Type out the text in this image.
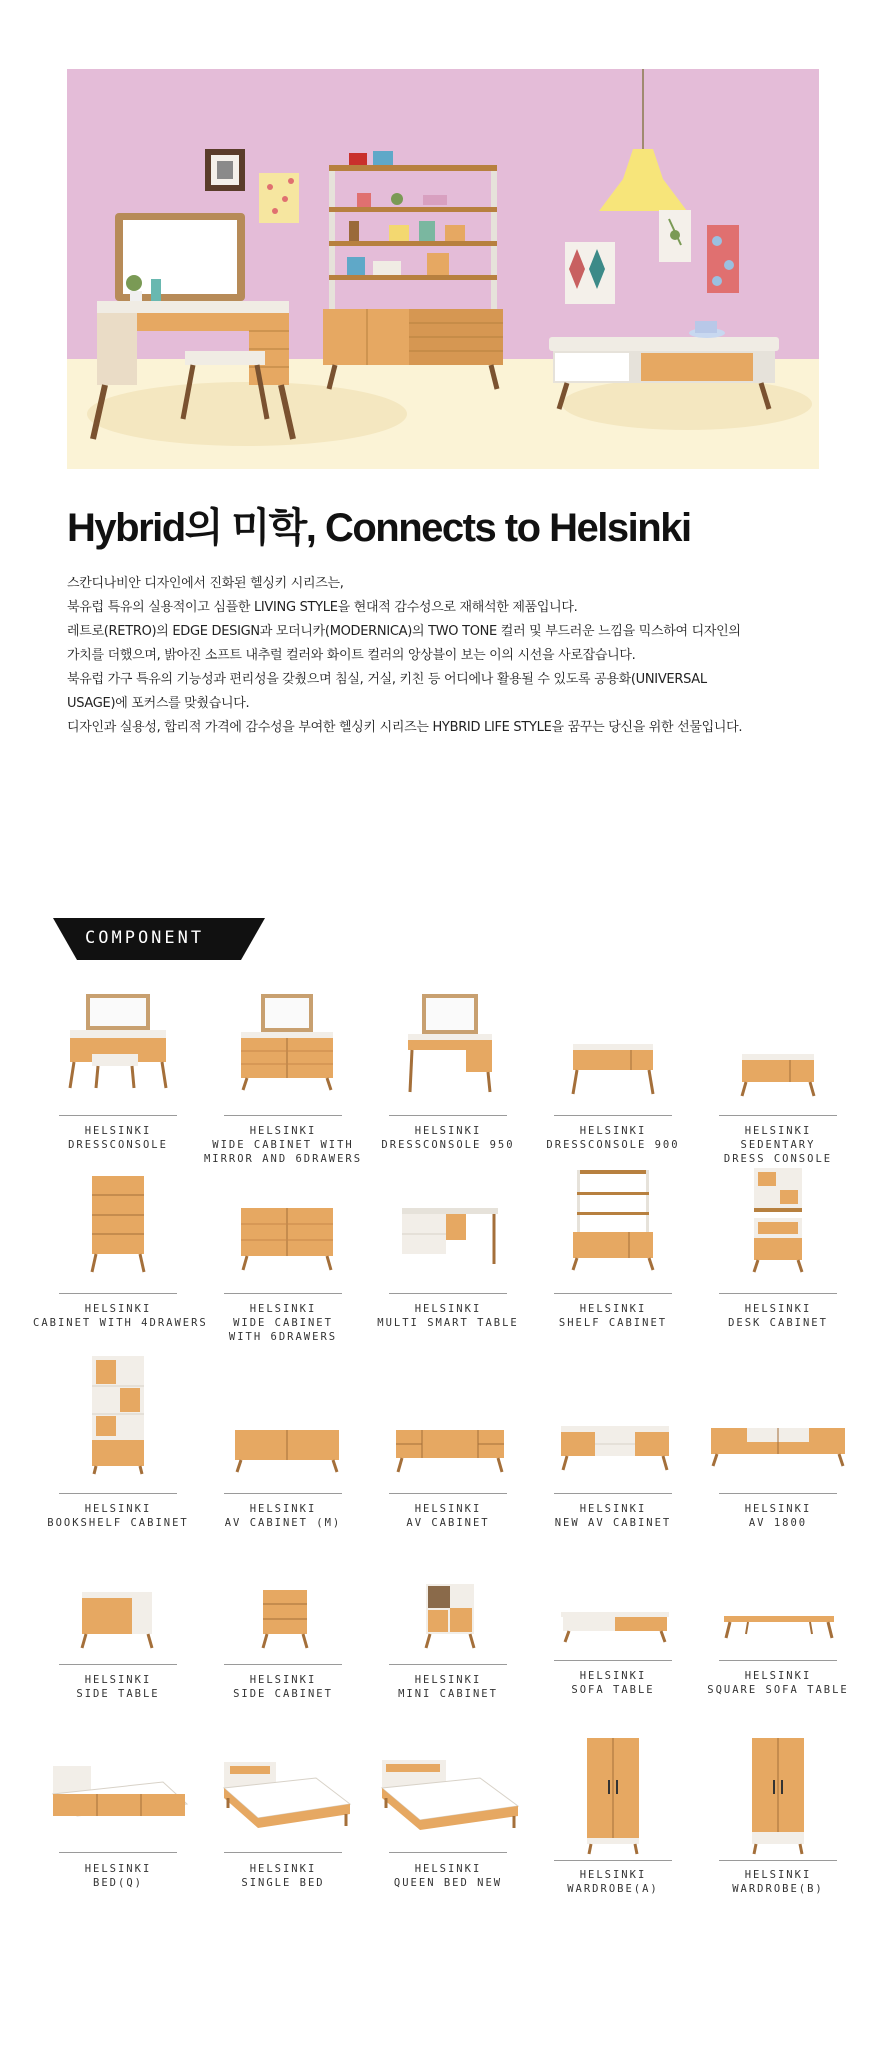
Hybrid의 미학, Connects to Helsinki

스칸디나비안 디자인에서 진화된 헬싱키 시리즈는,

북유럽 특유의 실용적이고 심플한 LIVING STYLE을 현대적 감수성으로 재해석한 제품입니다.

레트로(RETRO)의 EDGE DESIGN과 모더니카(MODERNICA)의 TWO TONE 컬러 및 부드러운 느낌을 믹스하여 디자인의

가치를 더했으며, 밝아진 소프트 내추럴 컬러와 화이트 컬러의 앙상블이 보는 이의 시선을 사로잡습니다.

북유럽 가구 특유의 기능성과 편리성을 갖췄으며 침실, 거실, 키친 등 어디에나 활용될 수 있도록 공용화(UNIVERSAL

USAGE)에 포커스를 맞췄습니다.

디자인과 실용성, 합리적 가격에 감수성을 부여한 헬싱키 시리즈는 HYBRID LIFE STYLE을 꿈꾸는 당신을 위한 선물입니다.

COMPONENT
HELSINKI
DRESSCONSOLE
HELSINKI
WIDE CABINET WITH
MIRROR AND 6DRAWERS
HELSINKI
DRESSCONSOLE 950
HELSINKI
DRESSCONSOLE 900
HELSINKI
SEDENTARY
DRESS CONSOLE
HELSINKI
CABINET WITH 4DRAWERS
HELSINKI
WIDE CABINET
WITH 6DRAWERS
HELSINKI
MULTI SMART TABLE
HELSINKI
SHELF CABINET
HELSINKI
DESK CABINET
HELSINKI
BOOKSHELF CABINET
HELSINKI
AV CABINET (M)
HELSINKI
AV CABINET
HELSINKI
NEW AV CABINET
HELSINKI
AV 1800
HELSINKI
SIDE TABLE
HELSINKI
SIDE CABINET
HELSINKI
MINI CABINET
HELSINKI
SOFA TABLE
HELSINKI
SQUARE SOFA TABLE
HELSINKI
BED(Q)
HELSINKI
SINGLE BED
HELSINKI
QUEEN BED NEW
HELSINKI
WARDROBE(A)
HELSINKI
WARDROBE(B)
